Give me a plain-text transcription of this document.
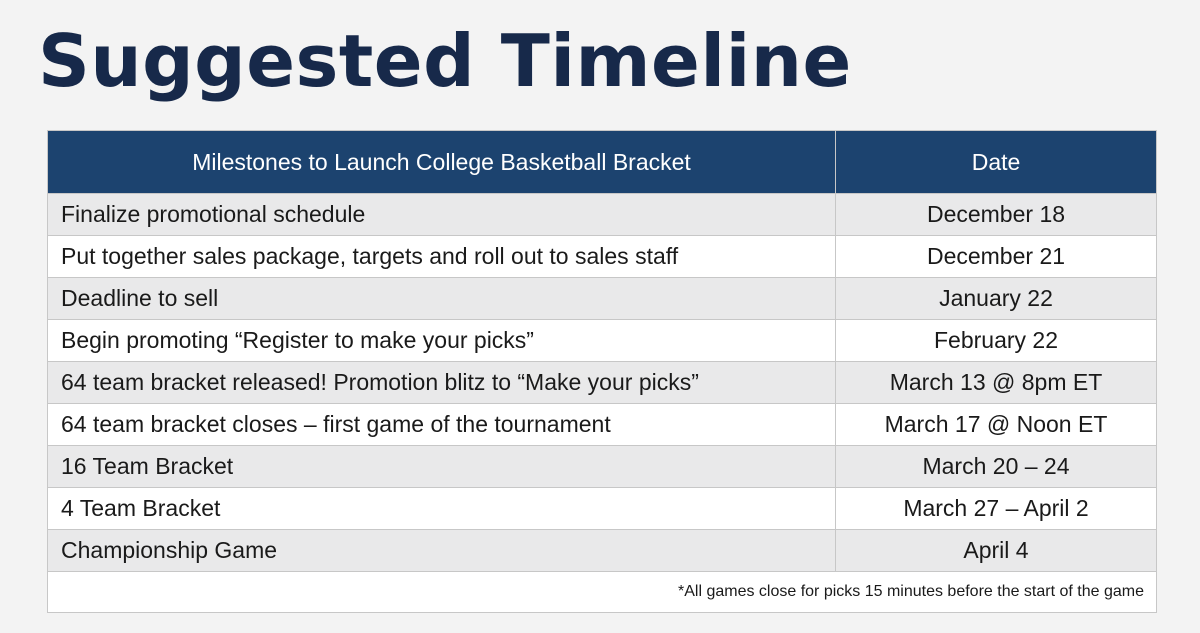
Suggested Timeline
Milestones to Launch College Basketball Bracket	Date
Finalize promotional schedule	December 18
Put together sales package, targets and roll out to sales staff	December 21
Deadline to sell	January 22
Begin promoting “Register to make your picks”	February 22
64 team bracket released! Promotion blitz to “Make your picks”	March 13 @ 8pm ET
64 team bracket closes – first game of the tournament	March 17 @ Noon ET
16 Team Bracket	March 20 – 24
4 Team Bracket	March 27 – April 2
Championship Game	April 4
*All games close for picks 15 minutes before the start of the game	
